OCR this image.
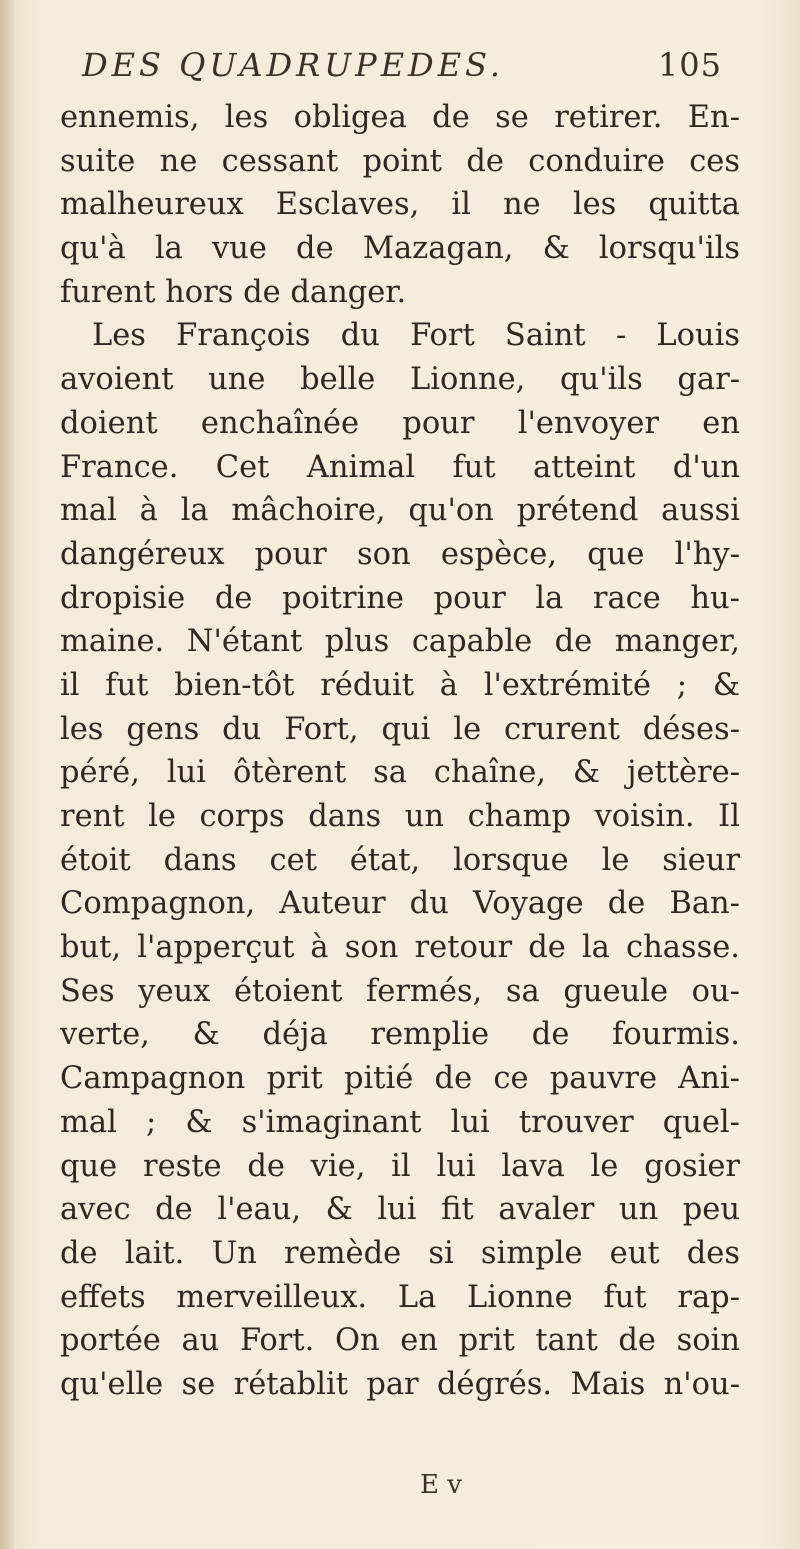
DES QUADRUPEDES.	105
ennemis, les obligea de se retirer. En-
suite ne cessant point de conduire ces
malheureux Esclaves, il ne les quitta
qu'à la vue de Mazagan, & lorsqu'ils
furent hors de danger.
Les François du Fort Saint - Louis
avoient une belle Lionne, qu'ils gar-
doient enchaînée pour l'envoyer en
France. Cet Animal fut atteint d'un
mal à la mâchoire, qu'on prétend aussi
dangéreux pour son espèce, que l'hy-
dropisie de poitrine pour la race hu-
maine. N'étant plus capable de manger,
il fut bien-tôt réduit à l'extrémité ; &
les gens du Fort, qui le crurent déses-
péré, lui ôtèrent sa chaîne, & jettère-
rent le corps dans un champ voisin. Il
étoit dans cet état, lorsque le sieur
Compagnon, Auteur du Voyage de Ban-
but, l'apperçut à son retour de la chasse.
Ses yeux étoient fermés, sa gueule ou-
verte, & déja remplie de fourmis.
Campagnon prit pitié de ce pauvre Ani-
mal ; & s'imaginant lui trouver quel-
que reste de vie, il lui lava le gosier
avec de l'eau, & lui fit avaler un peu
de lait. Un remède si simple eut des
effets merveilleux. La Lionne fut rap-
portée au Fort. On en prit tant de soin
qu'elle se rétablit par dégrés. Mais n'ou-
E v
